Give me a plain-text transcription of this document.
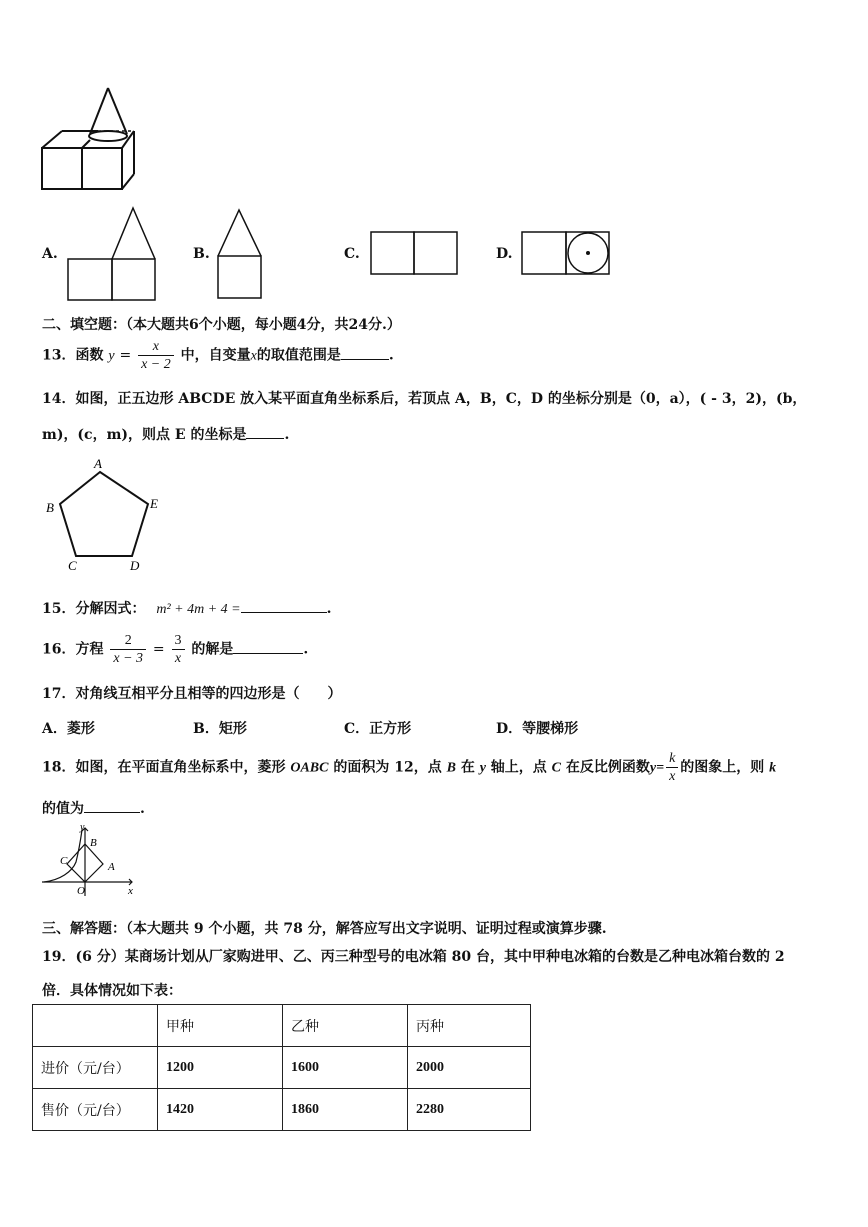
A.	B.	C.	D.
二、填空题：（本大题共6个小题，每小题4分，共24分.）
13．函数 $y = \frac{x}{x - 2}$ 中，自变量x的取值范围是	.
14．如图，正五边形 ABCDE 放入某平面直角坐标系后，若顶点 A，B，C，D 的坐标分别是（0，a），( - 3，2)，(b，
m)，(c，m)，则点 E 的坐标是	.
A
B
C	D
E
15．分解因式： m² + 4m + 4 =	.
16．方程 $\frac{2}{x - 3} = \frac{3}{x}$ 的解是	.
17．对角线互相平分且相等的四边形是（　　）
A．菱形	B．矩形	C．正方形	D．等腰梯形
18．如图，在平面直角坐标系中，菱形 OABC 的面积为 12，点 B 在 y 轴上，点 C 在反比例函数$y= \frac{k}{x}$ 的图象上，则 k
的值为	.
y
B
C	A
O	x
三、解答题：（本大题共 9 个小题，共 78 分，解答应写出文字说明、证明过程或演算步骤.
19．(6 分）某商场计划从厂家购进甲、乙、丙三种型号的电冰箱 80 台，其中甲种电冰箱的台数是乙种电冰箱台数的 2
倍．具体情况如下表：
	甲种	乙种	丙种
进价（元/台）	1200	1600	2000
售价（元/台）	1420	1860	2280
